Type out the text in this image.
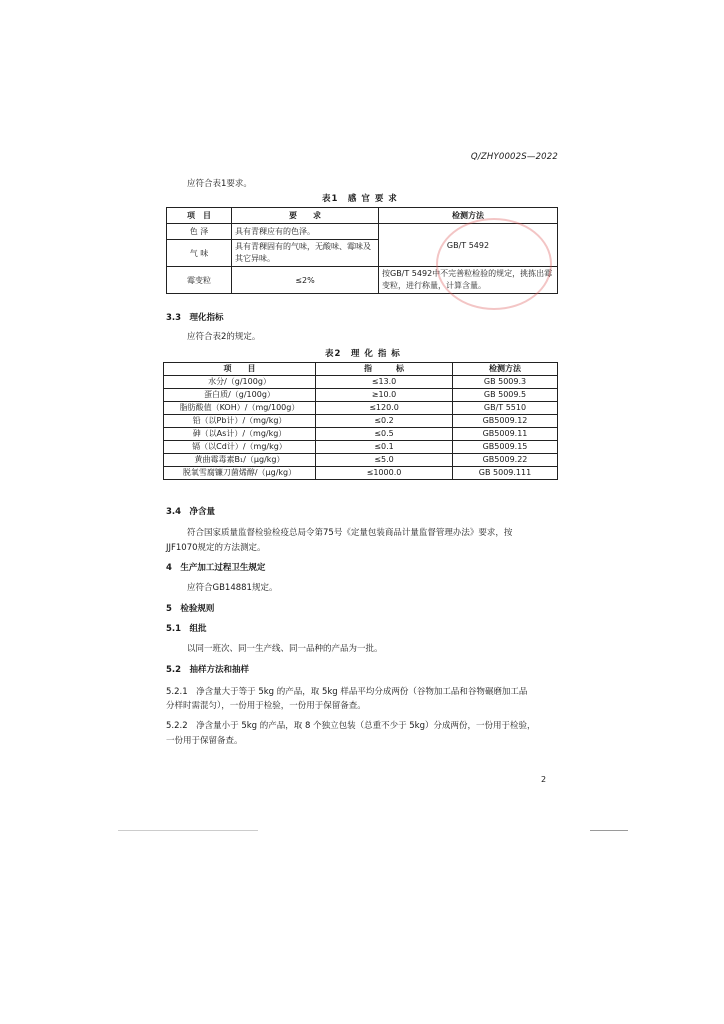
Q/ZHY0002S—2022
应符合表1要求。
表1　感 官 要 求
项　目	要　　求	检测方法
色 泽	具有青稞应有的色泽。	GB/T 5492
气 味	具有青稞固有的气味，无酸味、霉味及其它异味。	
霉变粒	≤2%	按GB/T 5492中不完善粒检验的规定，挑拣出霉变粒，进行称量，计算含量。
3.3　理化指标
应符合表2的规定。
表2　理 化 指 标
项　　目	指　　　标	检测方法
水分/（g/100g）	≤13.0	GB 5009.3
蛋白质/（g/100g）	≥10.0	GB 5009.5
脂肪酸值（KOH）/（mg/100g）	≤120.0	GB/T 5510
铅（以Pb计）/（mg/kg）	≤0.2	GB5009.12
砷（以As计）/（mg/kg）	≤0.5	GB5009.11
镉（以Cd计）/（mg/kg）	≤0.1	GB5009.15
黄曲霉毒素B₁/（μg/kg）	≤5.0	GB5009.22
脱氧雪腐镰刀菌烯醇/（μg/kg）	≤1000.0	GB 5009.111
3.4　净含量
符合国家质量监督检验检疫总局令第75号《定量包装商品计量监督管理办法》要求，按
JJF1070规定的方法测定。
4　生产加工过程卫生规定
应符合GB14881规定。
5　检验规则
5.1　组批
以同一班次、同一生产线、同一品种的产品为一批。
5.2　抽样方法和抽样
5.2.1　净含量大于等于 5kg 的产品，取 5kg 样品平均分成两份（谷物加工品和谷物碾磨加工品
分样时需混匀），一份用于检验，一份用于保留备查。
5.2.2　净含量小于 5kg 的产品，取 8 个独立包装（总重不少于 5kg）分成两份，一份用于检验，
一份用于保留备查。
2
